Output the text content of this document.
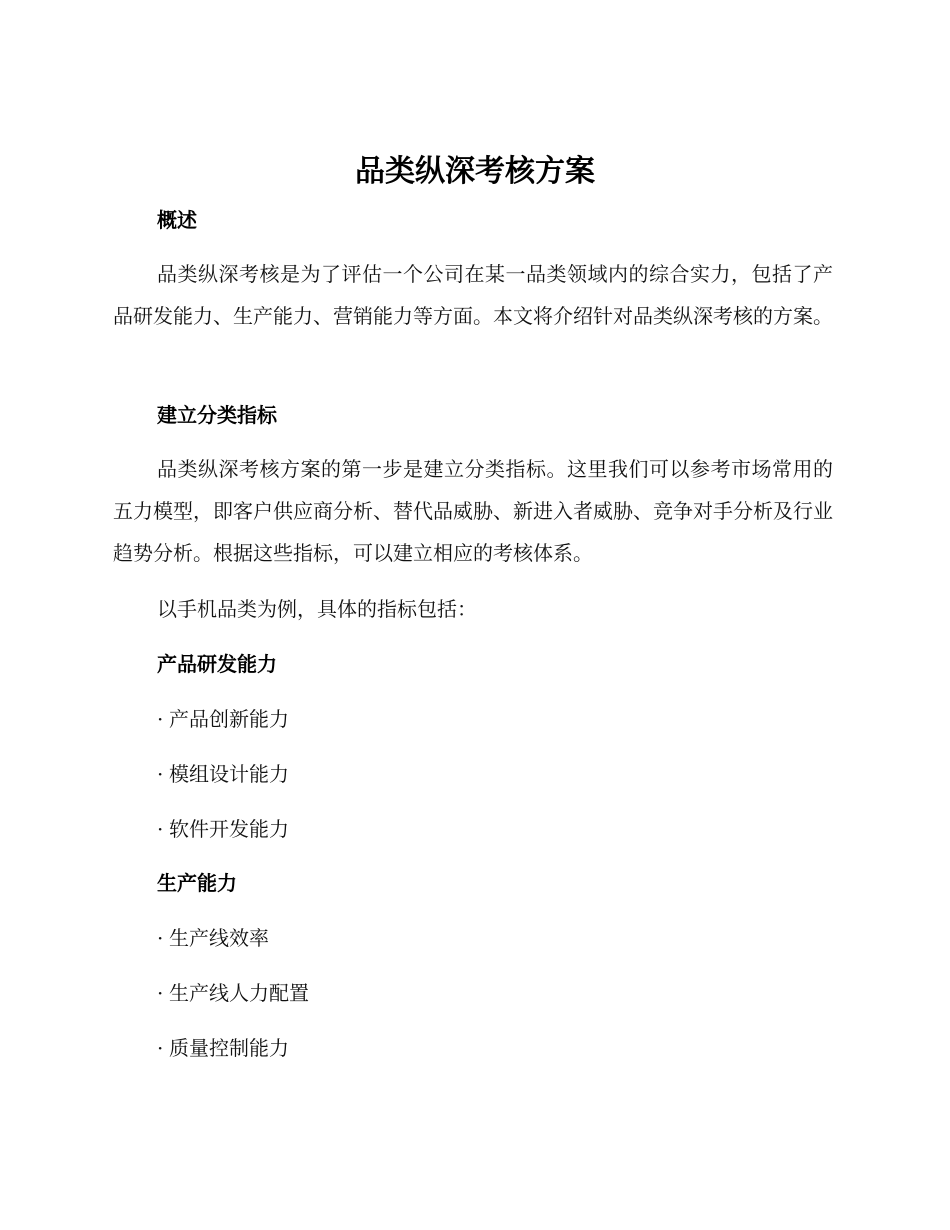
品类纵深考核方案
概述
品类纵深考核是为了评估一个公司在某一品类领域内的综合实力，包括了产品研发能力、生产能力、营销能力等方面。本文将介绍针对品类纵深考核的方案。
建立分类指标
品类纵深考核方案的第一步是建立分类指标。这里我们可以参考市场常用的五力模型，即客户供应商分析、替代品威胁、新进入者威胁、竞争对手分析及行业趋势分析。根据这些指标，可以建立相应的考核体系。
以手机品类为例，具体的指标包括：
产品研发能力
· 产品创新能力
· 模组设计能力
· 软件开发能力
生产能力
· 生产线效率
· 生产线人力配置
· 质量控制能力
